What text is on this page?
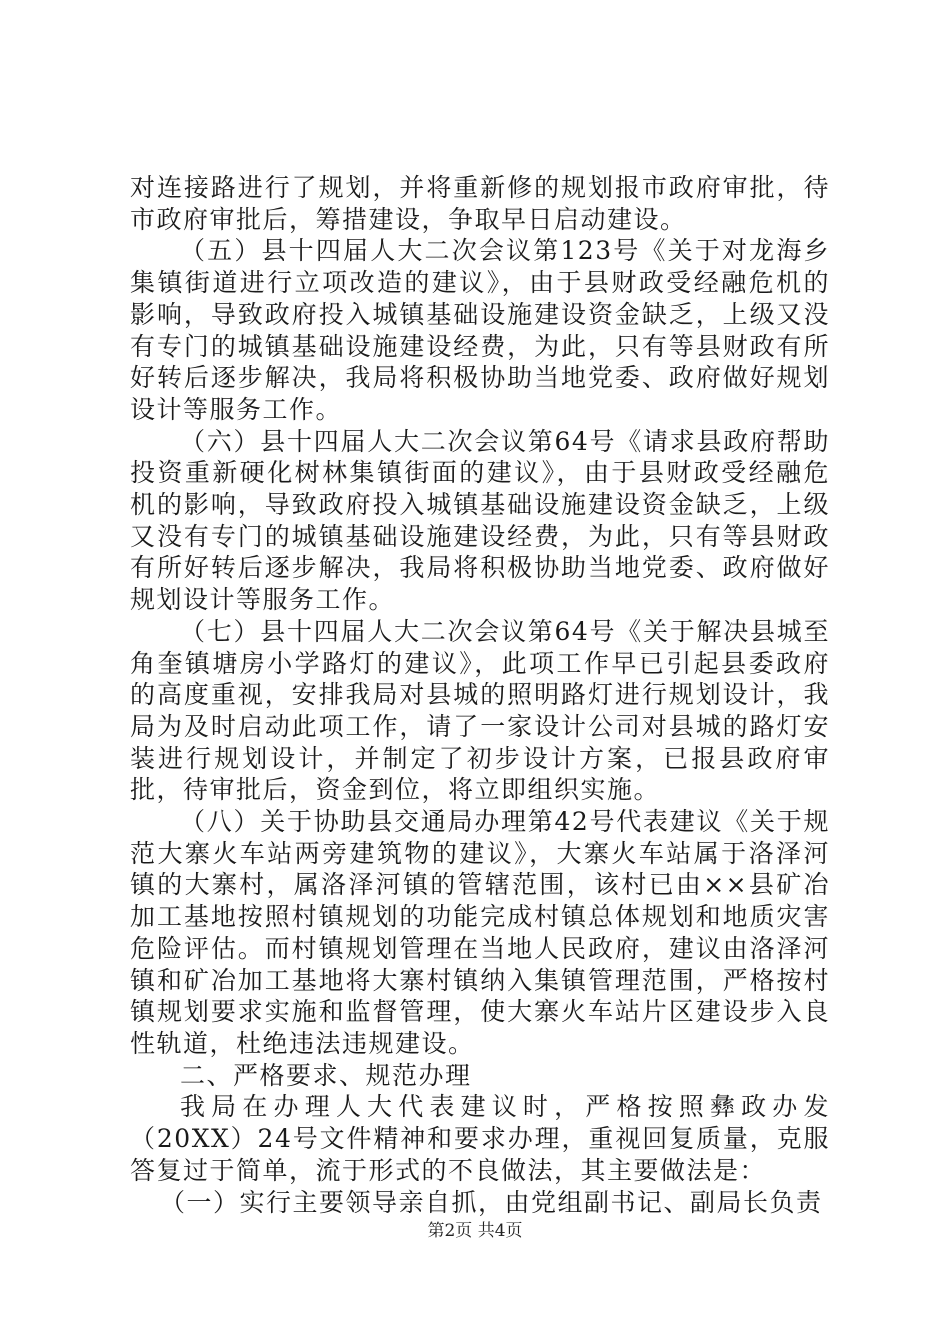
对连接路进行了规划，并将重新修的规划报市政府审批，待市政府审批后，筹措建设，争取早日启动建设。

（五）县十四届人大二次会议第123号《关于对龙海乡集镇街道进行立项改造的建议》，由于县财政受经融危机的影响，导致政府投入城镇基础设施建设资金缺乏，上级又没有专门的城镇基础设施建设经费，为此，只有等县财政有所好转后逐步解决，我局将积极协助当地党委、政府做好规划设计等服务工作。

（六）县十四届人大二次会议第64号《请求县政府帮助投资重新硬化树林集镇街面的建议》，由于县财政受经融危机的影响，导致政府投入城镇基础设施建设资金缺乏，上级又没有专门的城镇基础设施建设经费，为此，只有等县财政有所好转后逐步解决，我局将积极协助当地党委、政府做好规划设计等服务工作。

（七）县十四届人大二次会议第64号《关于解决县城至角奎镇塘房小学路灯的建议》，此项工作早已引起县委政府的高度重视，安排我局对县城的照明路灯进行规划设计，我局为及时启动此项工作，请了一家设计公司对县城的路灯安装进行规划设计，并制定了初步设计方案，已报县政府审批，待审批后，资金到位，将立即组织实施。

（八）关于协助县交通局办理第42号代表建议《关于规范大寨火车站两旁建筑物的建议》，大寨火车站属于洛泽河镇的大寨村，属洛泽河镇的管辖范围，该村已由××县矿冶加工基地按照村镇规划的功能完成村镇总体规划和地质灾害危险评估。而村镇规划管理在当地人民政府，建议由洛泽河镇和矿冶加工基地将大寨村镇纳入集镇管理范围，严格按村镇规划要求实施和监督管理，使大寨火车站片区建设步入良性轨道，杜绝违法违规建设。

二、严格要求、规范办理

我局在办理人大代表建议时，严格按照彝政办发（20XX）24号文件精神和要求办理，重视回复质量，克服答复过于简单，流于形式的不良做法，其主要做法是：

（一）实行主要领导亲自抓，由党组副书记、副局长负责

第2页 共4页
